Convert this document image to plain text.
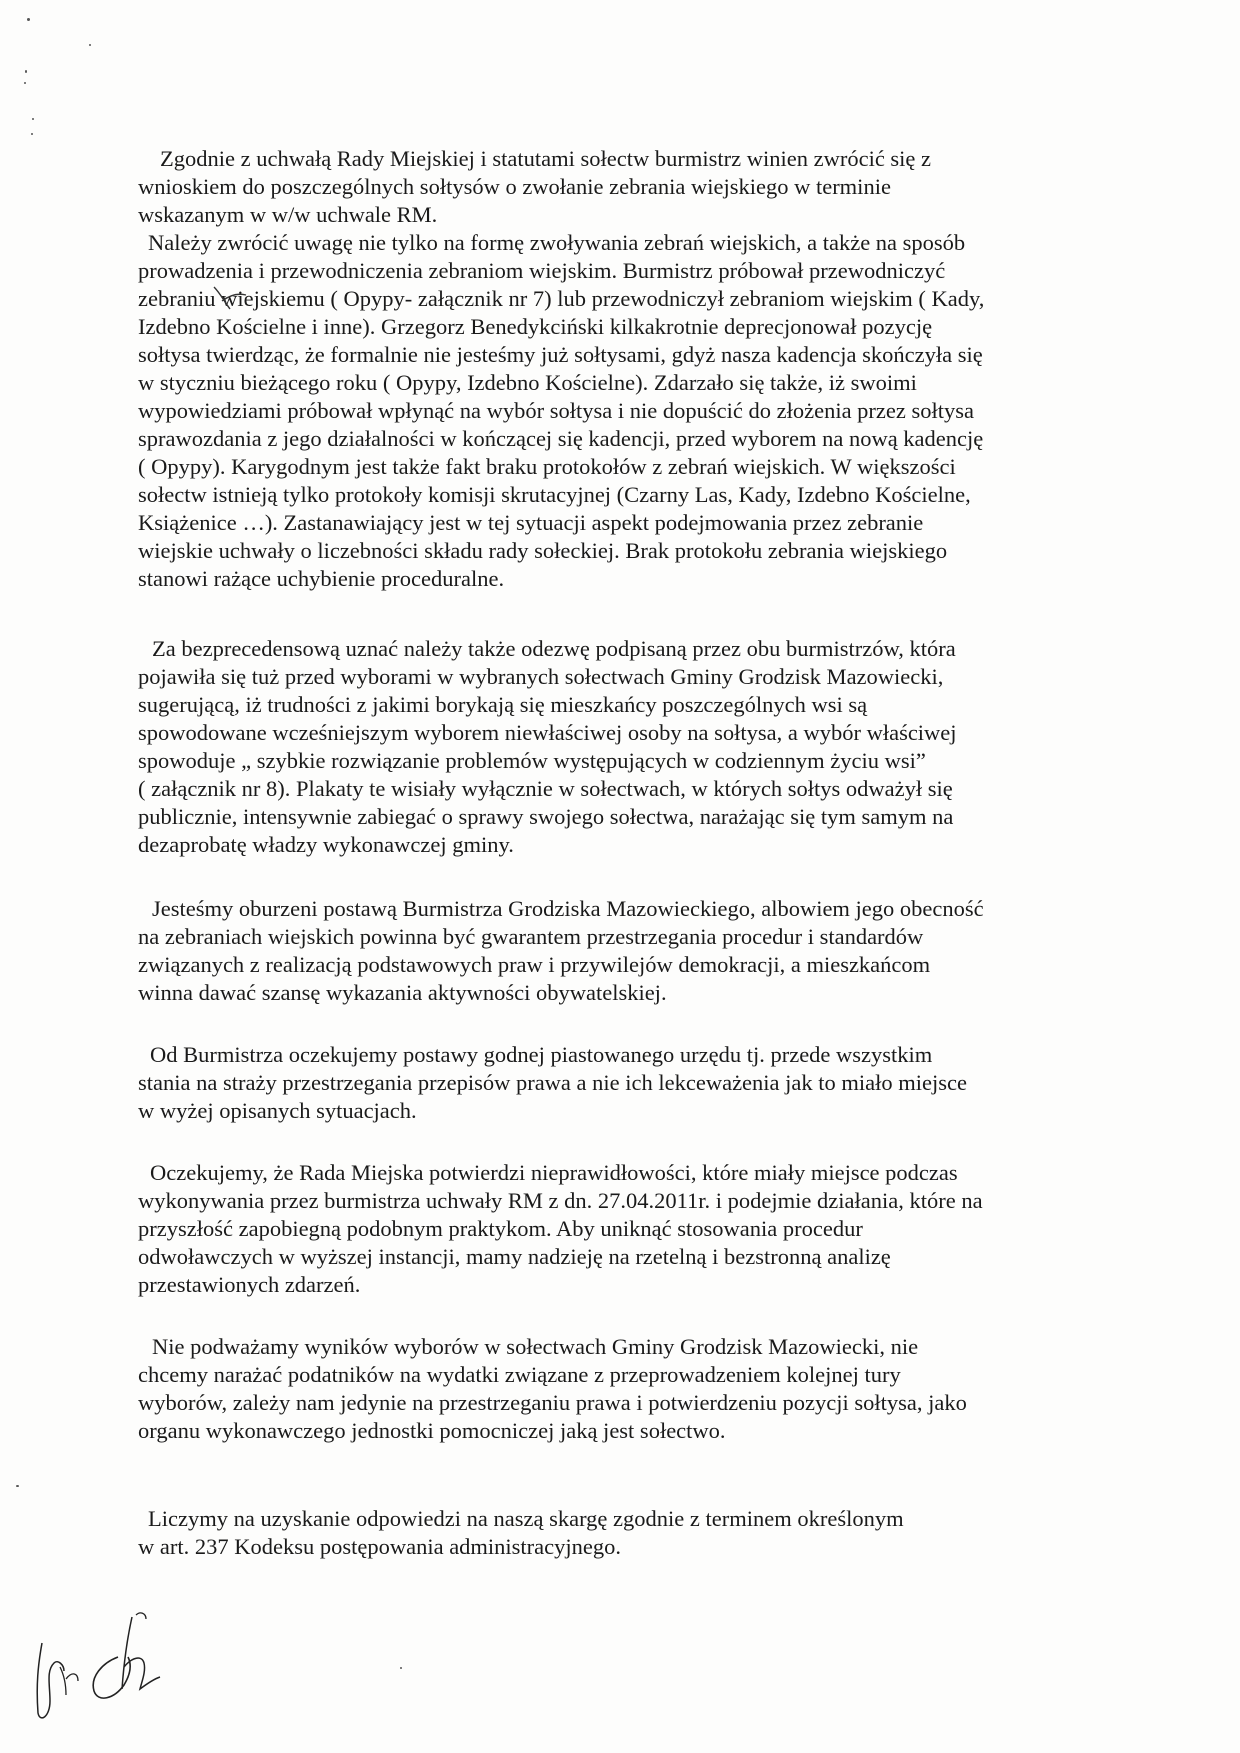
Zgodnie z uchwałą Rady Miejskiej i statutami sołectw burmistrz winien zwrócić się z
wnioskiem do poszczególnych sołtysów o zwołanie zebrania wiejskiego w terminie
wskazanym w w/w uchwale RM.
Należy zwrócić uwagę nie tylko na formę zwoływania zebrań wiejskich, a także na sposób
prowadzenia i przewodniczenia zebraniom wiejskim. Burmistrz próbował przewodniczyć
zebraniu wiejskiemu ( Opypy- załącznik nr 7) lub przewodniczył zebraniom wiejskim ( Kady,
Izdebno Kościelne i inne). Grzegorz Benedykciński kilkakrotnie deprecjonował pozycję
sołtysa twierdząc, że formalnie nie jesteśmy już sołtysami, gdyż nasza kadencja skończyła się
w styczniu bieżącego roku ( Opypy, Izdebno Kościelne). Zdarzało się także, iż swoimi
wypowiedziami próbował wpłynąć na wybór sołtysa i nie dopuścić do złożenia przez sołtysa
sprawozdania z jego działalności w kończącej się kadencji, przed wyborem na nową kadencję
( Opypy). Karygodnym jest także fakt braku protokołów z zebrań wiejskich. W większości
sołectw istnieją tylko protokoły komisji skrutacyjnej (Czarny Las, Kady, Izdebno Kościelne,
Książenice …). Zastanawiający jest w tej sytuacji aspekt podejmowania przez zebranie
wiejskie uchwały o liczebności składu rady sołeckiej. Brak protokołu zebrania wiejskiego
stanowi rażące uchybienie proceduralne.
Za bezprecedensową uznać należy także odezwę podpisaną przez obu burmistrzów, która
pojawiła się tuż przed wyborami w wybranych sołectwach Gminy Grodzisk Mazowiecki,
sugerującą, iż trudności z jakimi borykają się mieszkańcy poszczególnych wsi są
spowodowane wcześniejszym wyborem niewłaściwej osoby na sołtysa, a wybór właściwej
spowoduje „ szybkie rozwiązanie problemów występujących w codziennym życiu wsi”
( załącznik nr 8). Plakaty te wisiały wyłącznie w sołectwach, w których sołtys odważył się
publicznie, intensywnie zabiegać o sprawy swojego sołectwa, narażając się tym samym na
dezaprobatę władzy wykonawczej gminy.
Jesteśmy oburzeni postawą Burmistrza Grodziska Mazowieckiego, albowiem jego obecność
na zebraniach wiejskich powinna być gwarantem przestrzegania procedur i standardów
związanych z realizacją podstawowych praw i przywilejów demokracji, a mieszkańcom
winna dawać szansę wykazania aktywności obywatelskiej.
Od Burmistrza oczekujemy postawy godnej piastowanego urzędu tj. przede wszystkim
stania na straży przestrzegania przepisów prawa a nie ich lekceważenia jak to miało miejsce
w wyżej opisanych sytuacjach.
Oczekujemy, że Rada Miejska potwierdzi nieprawidłowości, które miały miejsce podczas
wykonywania przez burmistrza uchwały RM z dn. 27.04.2011r. i podejmie działania, które na
przyszłość zapobiegną podobnym praktykom. Aby uniknąć stosowania procedur
odwoławczych w wyższej instancji, mamy nadzieję na rzetelną i bezstronną analizę
przestawionych zdarzeń.
Nie podważamy wyników wyborów w sołectwach Gminy Grodzisk Mazowiecki, nie
chcemy narażać podatników na wydatki związane z przeprowadzeniem kolejnej tury
wyborów, zależy nam jedynie na przestrzeganiu prawa i potwierdzeniu pozycji sołtysa, jako
organu wykonawczego jednostki pomocniczej jaką jest sołectwo.
Liczymy na uzyskanie odpowiedzi na naszą skargę zgodnie z terminem określonym
w art. 237 Kodeksu postępowania administracyjnego.
